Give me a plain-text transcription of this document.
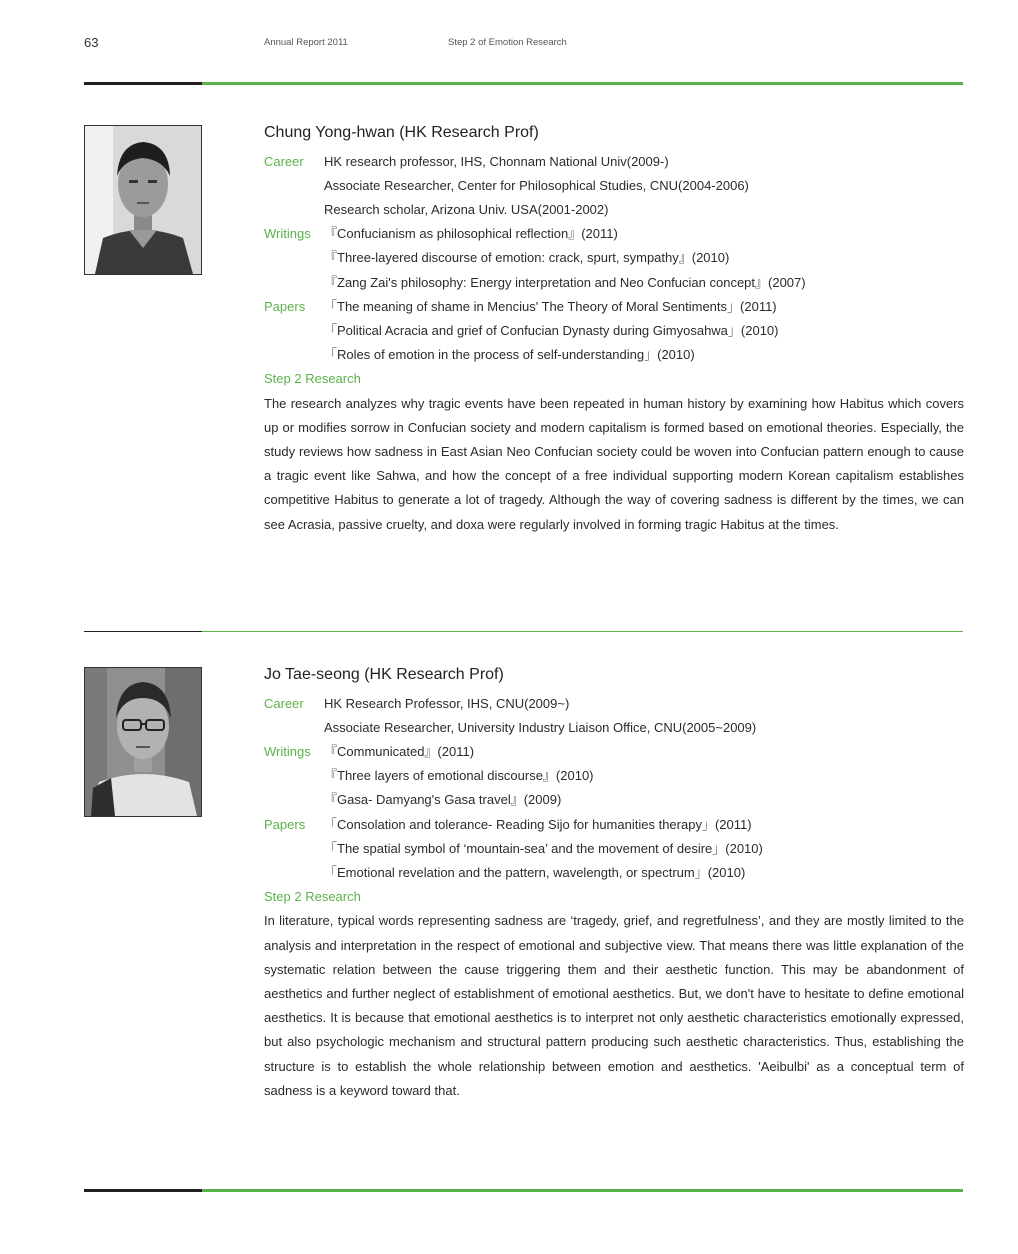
63	Annual Report 2011	Step 2 of Emotion Research
Chung Yong-hwan (HK Research Prof)
Career	HK research professor, IHS, Chonnam National Univ(2009-)
Associate Researcher, Center for Philosophical Studies, CNU(2004-2006)
Research scholar, Arizona Univ. USA(2001-2002)
Writings	『Confucianism as philosophical reflection』(2011)
『Three-layered discourse of emotion: crack, spurt, sympathy』(2010)
『Zang Zai's philosophy: Energy interpretation and Neo Confucian concept』(2007)
Papers	「The meaning of shame in Mencius' The Theory of Moral Sentiments」(2011)
「Political Acracia and grief of Confucian Dynasty during Gimyosahwa」(2010)
「Roles of emotion in the process of self-understanding」(2010)
Step 2 Research

The research analyzes why tragic events have been repeated in human history by examining how Habitus which covers up or modifies sorrow in Confucian society and modern capitalism is formed based on emotional theories. Especially, the study reviews how sadness in East Asian Neo Confucian society could be woven into Confucian pattern enough to cause a tragic event like Sahwa, and how the concept of a free individual supporting modern Korean capitalism establishes competitive Habitus to generate a lot of tragedy. Although the way of covering sadness is different by the times, we can see Acrasia, passive cruelty, and doxa were regularly involved in forming tragic Habitus at the times.

Jo Tae-seong (HK Research Prof)
Career	HK Research Professor, IHS, CNU(2009~)
Associate Researcher, University Industry Liaison Office, CNU(2005~2009)
Writings	『Communicated』(2011)
『Three layers of emotional discourse』(2010)
『Gasa- Damyang's Gasa travel』(2009)
Papers	「Consolation and tolerance- Reading Sijo for humanities therapy」(2011)
「The spatial symbol of ‘mountain-sea’ and the movement of desire」(2010)
「Emotional revelation and the pattern, wavelength, or spectrum」(2010)
Step 2 Research

In literature, typical words representing sadness are ‘tragedy, grief, and regretfulness’, and they are mostly limited to the analysis and interpretation in the respect of emotional and subjective view. That means there was little explanation of the systematic relation between the cause triggering them and their aesthetic function. This may be abandonment of aesthetics and further neglect of establishment of emotional aesthetics. But, we don't have to hesitate to define emotional aesthetics. It is because that emotional aesthetics is to interpret not only aesthetic characteristics emotionally expressed, but also psychologic mechanism and structural pattern producing such aesthetic characteristics. Thus, establishing the structure is to establish the whole relationship between emotion and aesthetics. 'Aeibulbi' as a conceptual term of sadness is a keyword toward that.
